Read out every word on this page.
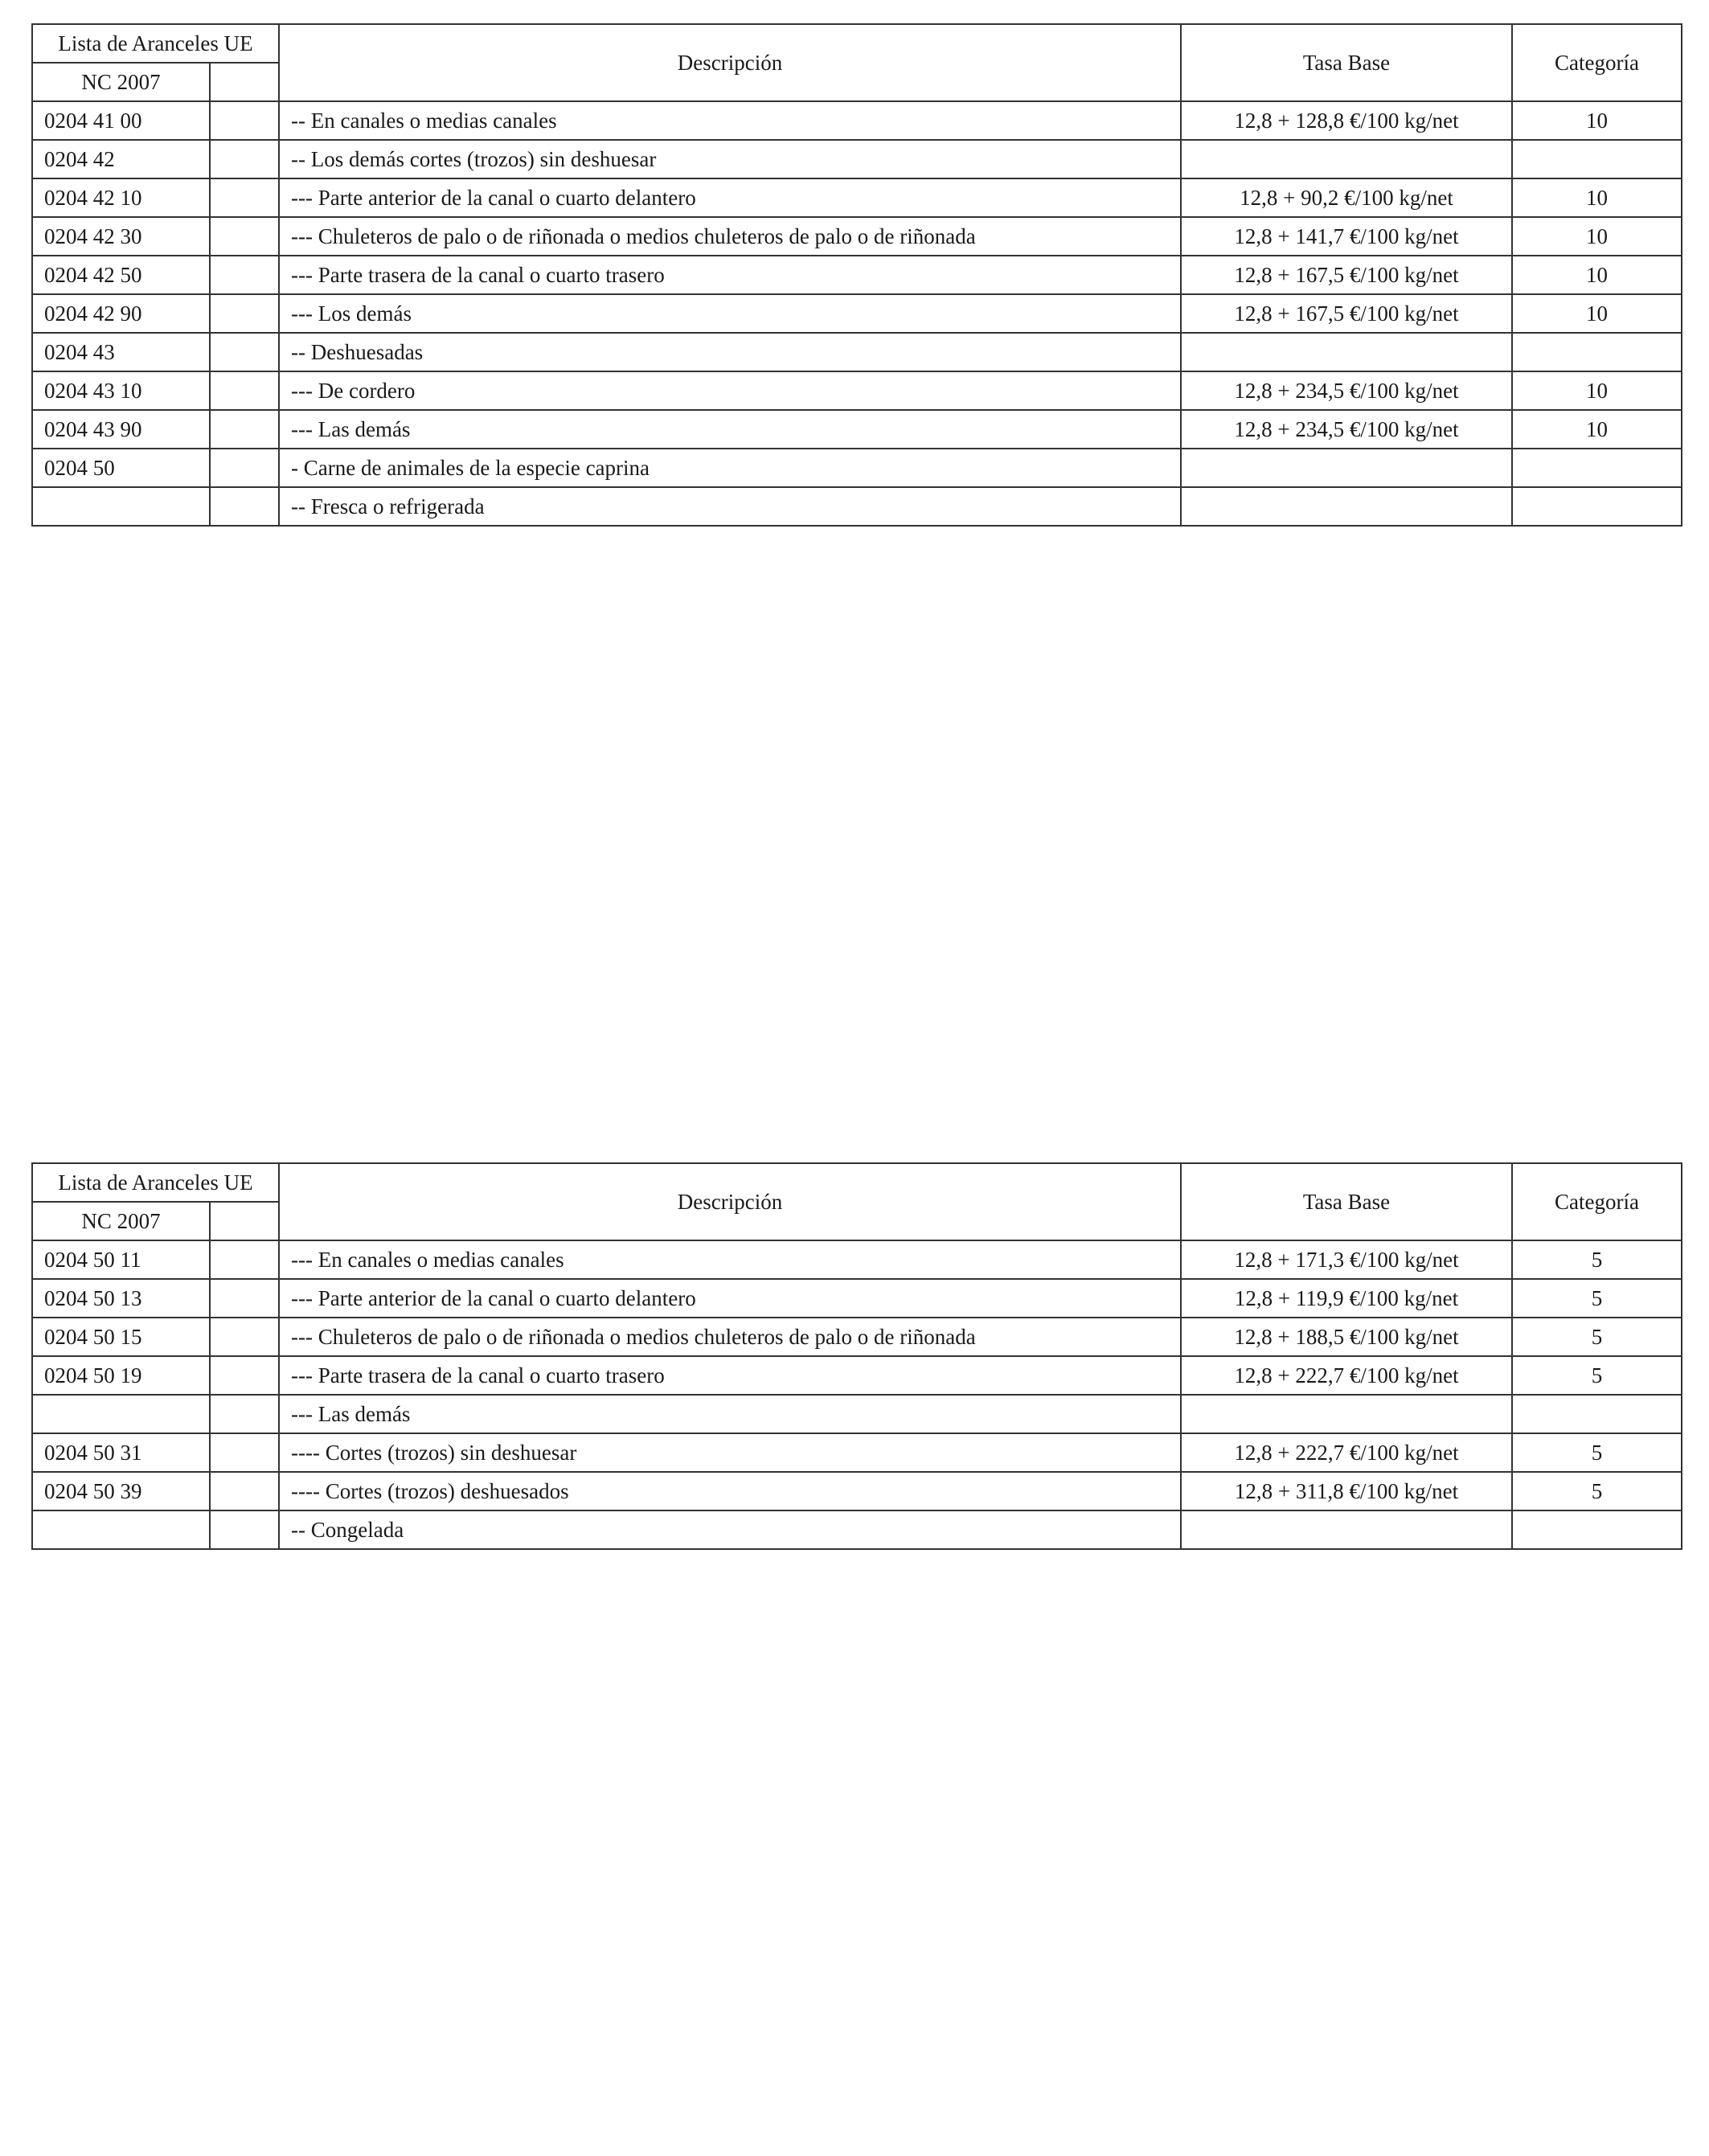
Lista de Aranceles UE		Descripción	Tasa Base	Categoría
NC 2007				
0204 41 00		-- En canales o medias canales	12,8 + 128,8 €/100 kg/net	10
0204 42		-- Los demás cortes (trozos) sin deshuesar		
0204 42 10		--- Parte anterior de la canal o cuarto delantero	12,8 + 90,2 €/100 kg/net	10
0204 42 30		--- Chuleteros de palo o de riñonada o medios chuleteros de palo o de riñonada	12,8 + 141,7 €/100 kg/net	10
0204 42 50		--- Parte trasera de la canal o cuarto trasero	12,8 + 167,5 €/100 kg/net	10
0204 42 90		--- Los demás	12,8 + 167,5 €/100 kg/net	10
0204 43		-- Deshuesadas		
0204 43 10		--- De cordero	12,8 + 234,5 €/100 kg/net	10
0204 43 90		--- Las demás	12,8 + 234,5 €/100 kg/net	10
0204 50		- Carne de animales de la especie caprina		
		-- Fresca o refrigerada		
Lista de Aranceles UE		Descripción	Tasa Base	Categoría
NC 2007				
0204 50 11		--- En canales o medias canales	12,8 + 171,3 €/100 kg/net	5
0204 50 13		--- Parte anterior de la canal o cuarto delantero	12,8 + 119,9 €/100 kg/net	5
0204 50 15		--- Chuleteros de palo o de riñonada o medios chuleteros de palo o de riñonada	12,8 + 188,5 €/100 kg/net	5
0204 50 19		--- Parte trasera de la canal o cuarto trasero	12,8 + 222,7 €/100 kg/net	5
		--- Las demás		
0204 50 31		---- Cortes (trozos) sin deshuesar	12,8 + 222,7 €/100 kg/net	5
0204 50 39		---- Cortes (trozos) deshuesados	12,8 + 311,8 €/100 kg/net	5
		-- Congelada		
